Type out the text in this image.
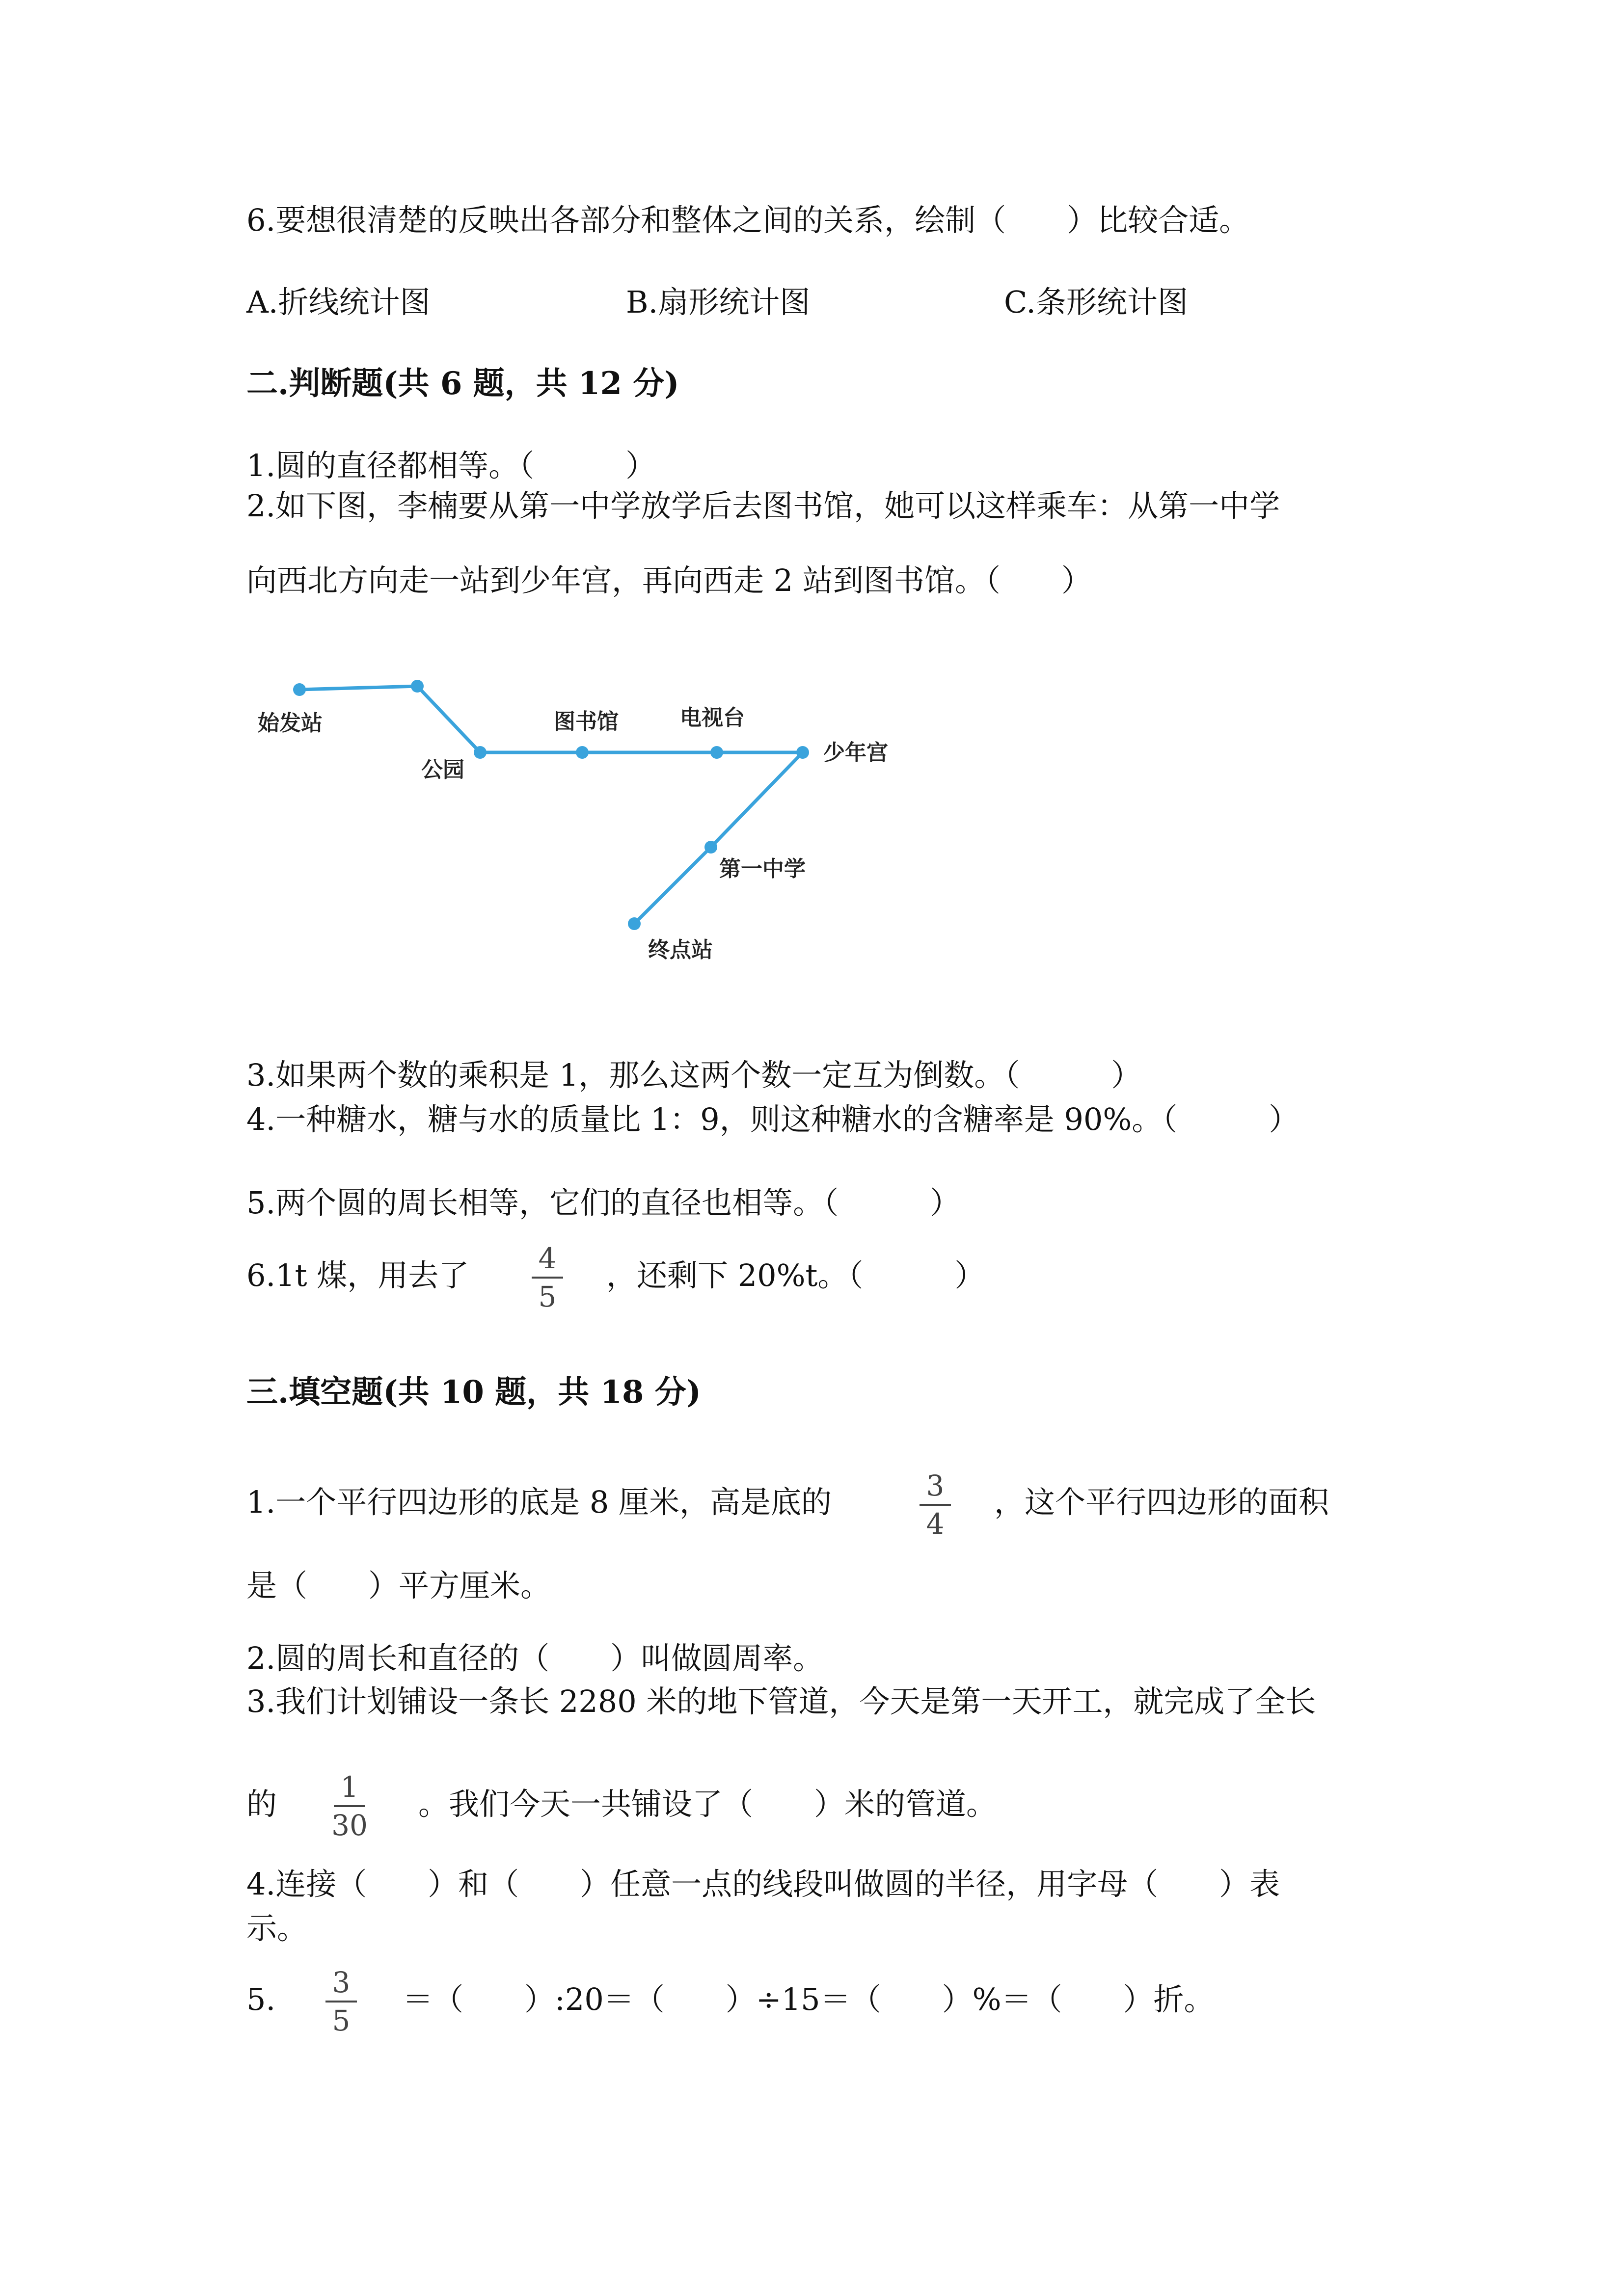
6.要想很清楚的反映出各部分和整体之间的关系，绘制（　　）比较合适。
A.折线统计图	B.扇形统计图	C.条形统计图
二.判断题(共 6 题，共 12 分)
1.圆的直径都相等。（　　　）
2.如下图，李楠要从第一中学放学后去图书馆，她可以这样乘车：从第一中学
向西北方向走一站到少年宫，再向西走 2 站到图书馆。（　　）
始发站
公园
图书馆	电视台
少年宫
第一中学
终点站
3.如果两个数的乘积是 1，那么这两个数一定互为倒数。（　　　）
4.一种糖水，糖与水的质量比 1：9，则这种糖水的含糖率是 90%。（　　　）
5.两个圆的周长相等，它们的直径也相等。（　　　）
6.1t 煤，用去了	4
5
，还剩下 20%t。（　　　）
三.填空题(共 10 题，共 18 分)
1.一个平行四边形的底是 8 厘米，高是底的	3
4
，这个平行四边形的面积
是（　　）平方厘米。
2.圆的周长和直径的（　　）叫做圆周率。
3.我们计划铺设一条长 2280 米的地下管道，今天是第一天开工，就完成了全长
的	1
30
。我们今天一共铺设了（　　）米的管道。
4.连接（　　）和（　　）任意一点的线段叫做圆的半径，用字母（　　）表
示。
5.	3
5
＝（　　）:20＝（　　）÷15＝（　　）%＝（　　）折。
